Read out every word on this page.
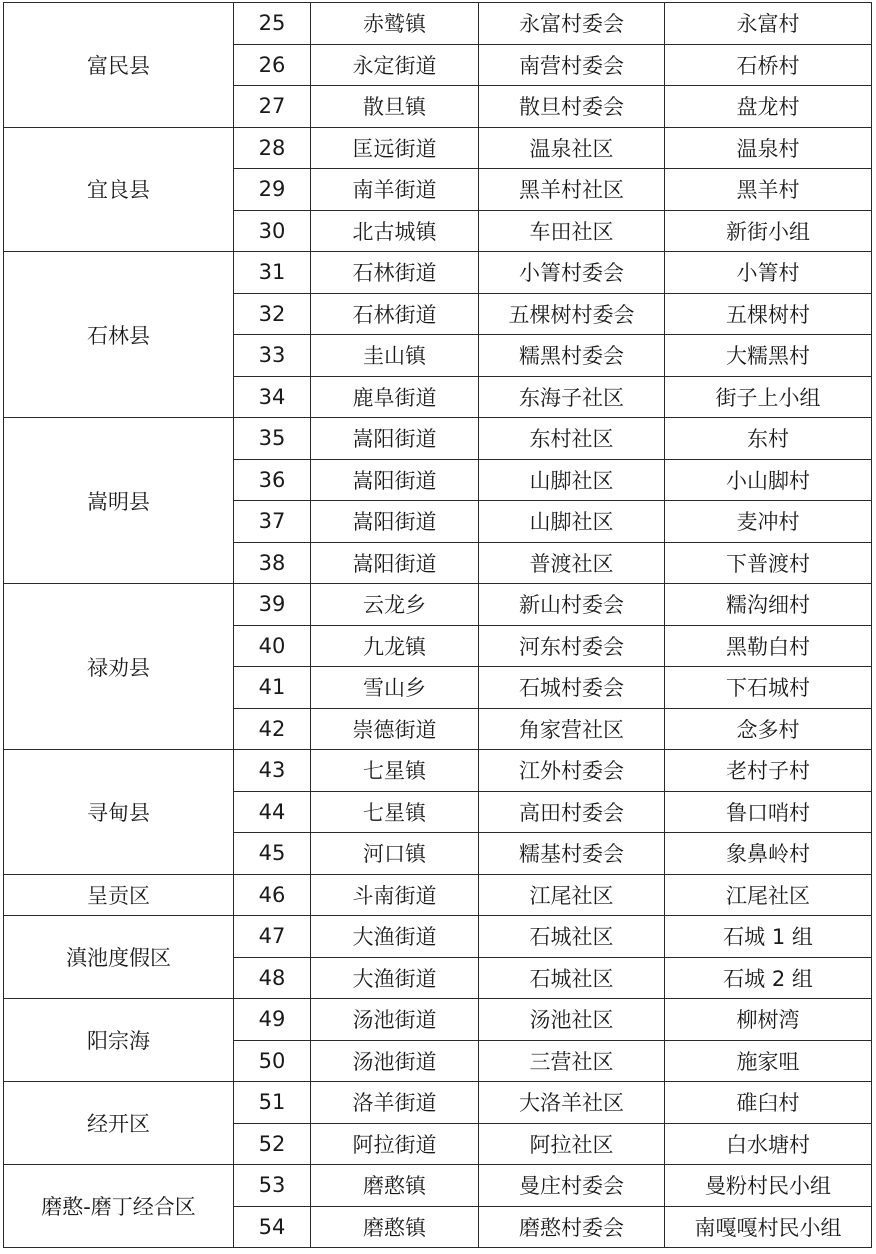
富民县	25	赤鹫镇	永富村委会	永富村
	26	永定街道	南营村委会	石桥村
	27	散旦镇	散旦村委会	盘龙村
宜良县	28	匡远街道	温泉社区	温泉村
	29	南羊街道	黑羊村社区	黑羊村
	30	北古城镇	车田社区	新街小组
石林县	31	石林街道	小箐村委会	小箐村
	32	石林街道	五棵树村委会	五棵树村
	33	圭山镇	糯黑村委会	大糯黑村
	34	鹿阜街道	东海子社区	街子上小组
嵩明县	35	嵩阳街道	东村社区	东村
	36	嵩阳街道	山脚社区	小山脚村
	37	嵩阳街道	山脚社区	麦冲村
	38	嵩阳街道	普渡社区	下普渡村
禄劝县	39	云龙乡	新山村委会	糯沟细村
	40	九龙镇	河东村委会	黑勒白村
	41	雪山乡	石城村委会	下石城村
	42	崇德街道	角家营社区	念多村
寻甸县	43	七星镇	江外村委会	老村子村
	44	七星镇	高田村委会	鲁口哨村
	45	河口镇	糯基村委会	象鼻岭村
呈贡区	46	斗南街道	江尾社区	江尾社区
滇池度假区	47	大渔街道	石城社区	石城 1 组
	48	大渔街道	石城社区	石城 2 组
阳宗海	49	汤池街道	汤池社区	柳树湾
	50	汤池街道	三营社区	施家咀
经开区	51	洛羊街道	大洛羊社区	碓臼村
	52	阿拉街道	阿拉社区	白水塘村
磨憨-磨丁经合区	53	磨憨镇	曼庄村委会	曼粉村民小组
	54	磨憨镇	磨憨村委会	南嘎嘎村民小组
